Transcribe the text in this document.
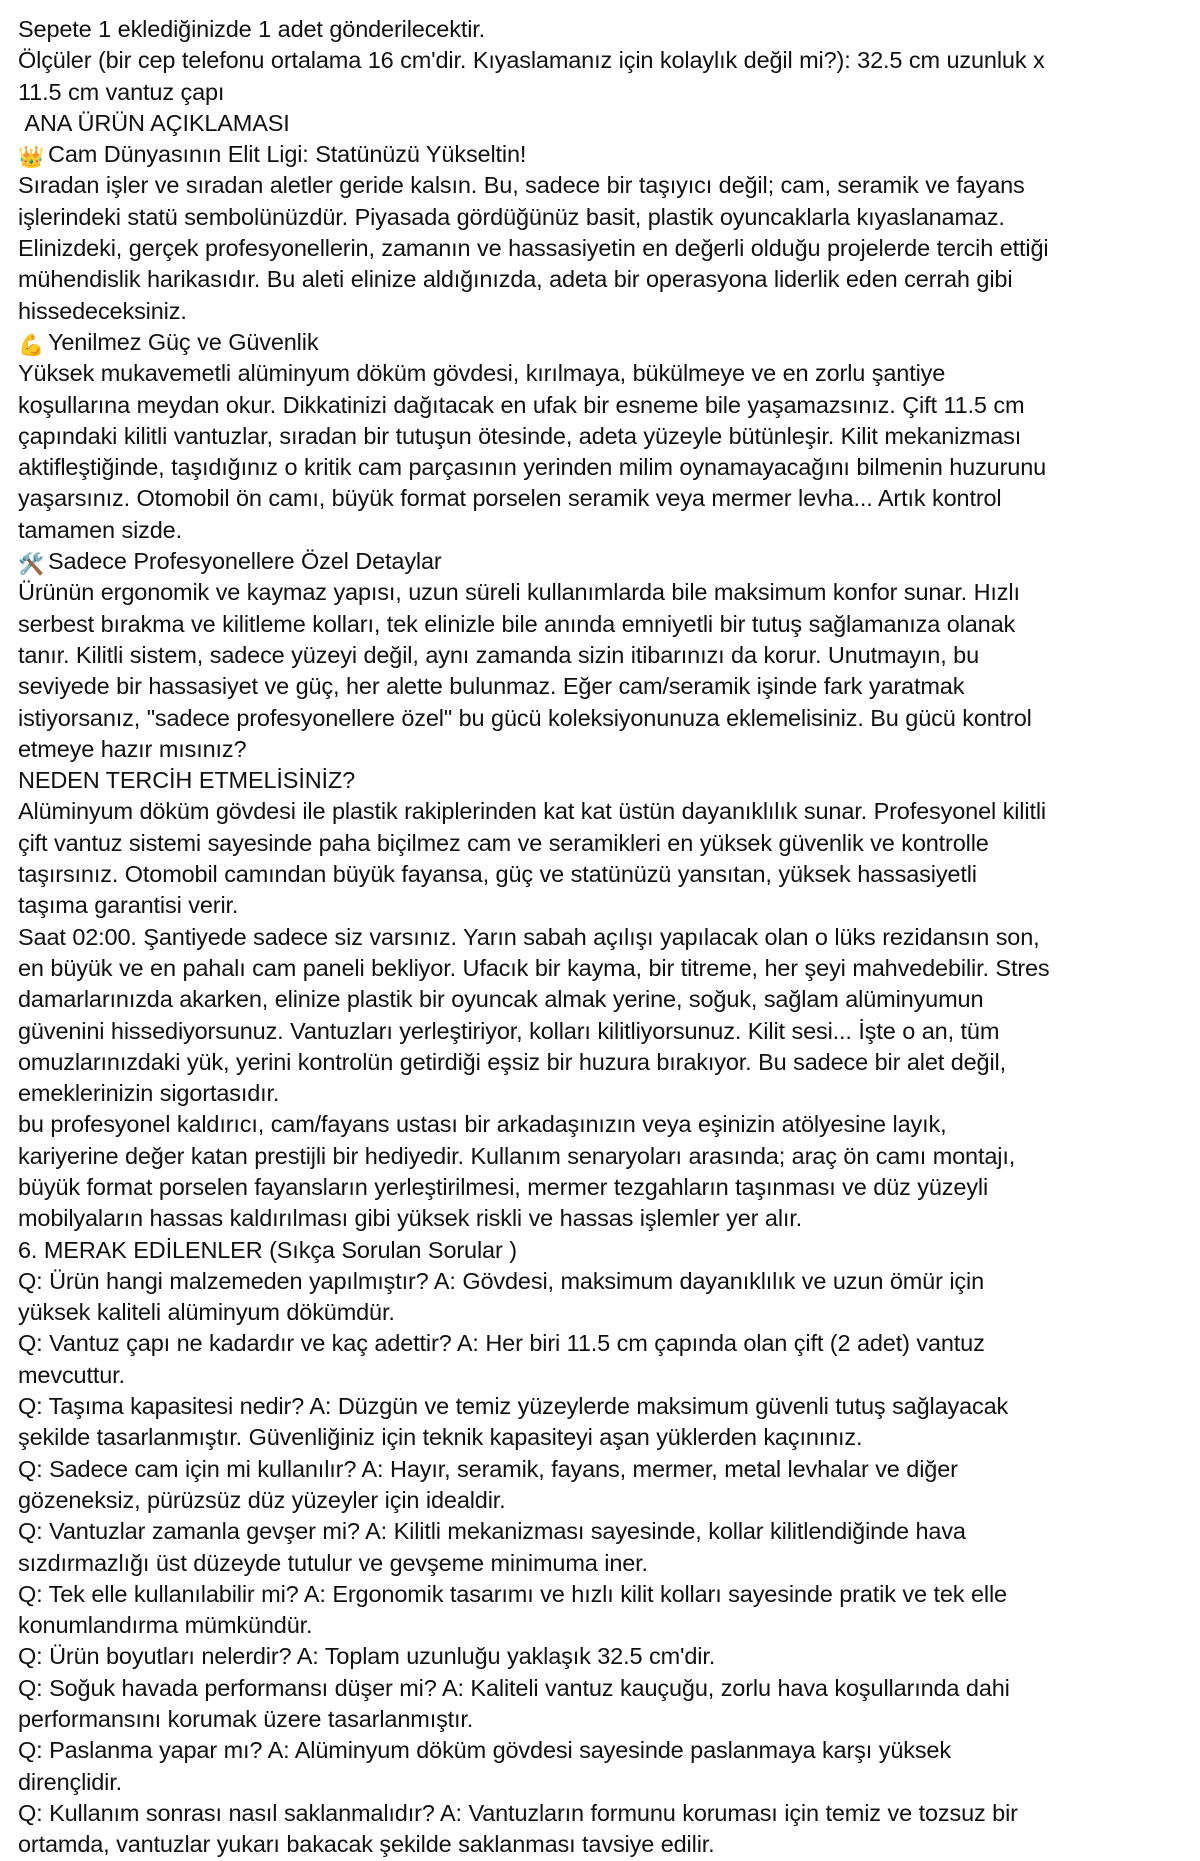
Sepete 1 eklediğinizde 1 adet gönderilecektir.

Ölçüler (bir cep telefonu ortalama 16 cm'dir. Kıyaslamanız için kolaylık değil mi?): 32.5 cm uzunluk x 11.5 cm vantuz çapı

ANA ÜRÜN AÇIKLAMASI

👑 Cam Dünyasının Elit Ligi: Statünüzü Yükseltin!

Sıradan işler ve sıradan aletler geride kalsın. Bu, sadece bir taşıyıcı değil; cam, seramik ve fayans işlerindeki statü sembolünüzdür. Piyasada gördüğünüz basit, plastik oyuncaklarla kıyaslanamaz. Elinizdeki, gerçek profesyonellerin, zamanın ve hassasiyetin en değerli olduğu projelerde tercih ettiği mühendislik harikasıdır. Bu aleti elinize aldığınızda, adeta bir operasyona liderlik eden cerrah gibi hissedeceksiniz.

💪 Yenilmez Güç ve Güvenlik

Yüksek mukavemetli alüminyum döküm gövdesi, kırılmaya, bükülmeye ve en zorlu şantiye koşullarına meydan okur. Dikkatinizi dağıtacak en ufak bir esneme bile yaşamazsınız. Çift 11.5 cm çapındaki kilitli vantuzlar, sıradan bir tutuşun ötesinde, adeta yüzeyle bütünleşir. Kilit mekanizması aktifleştiğinde, taşıdığınız o kritik cam parçasının yerinden milim oynamayacağını bilmenin huzurunu yaşarsınız. Otomobil ön camı, büyük format porselen seramik veya mermer levha... Artık kontrol tamamen sizde.

🛠️ Sadece Profesyonellere Özel Detaylar

Ürünün ergonomik ve kaymaz yapısı, uzun süreli kullanımlarda bile maksimum konfor sunar. Hızlı serbest bırakma ve kilitleme kolları, tek elinizle bile anında emniyetli bir tutuş sağlamanıza olanak tanır. Kilitli sistem, sadece yüzeyi değil, aynı zamanda sizin itibarınızı da korur. Unutmayın, bu seviyede bir hassasiyet ve güç, her alette bulunmaz. Eğer cam/seramik işinde fark yaratmak istiyorsanız, "sadece profesyonellere özel" bu gücü koleksiyonunuza eklemelisiniz. Bu gücü kontrol etmeye hazır mısınız?

NEDEN TERCİH ETMELİSİNİZ?

Alüminyum döküm gövdesi ile plastik rakiplerinden kat kat üstün dayanıklılık sunar. Profesyonel kilitli çift vantuz sistemi sayesinde paha biçilmez cam ve seramikleri en yüksek güvenlik ve kontrolle taşırsınız. Otomobil camından büyük fayansa, güç ve statünüzü yansıtan, yüksek hassasiyetli taşıma garantisi verir.

Saat 02:00. Şantiyede sadece siz varsınız. Yarın sabah açılışı yapılacak olan o lüks rezidansın son, en büyük ve en pahalı cam paneli bekliyor. Ufacık bir kayma, bir titreme, her şeyi mahvedebilir. Stres damarlarınızda akarken, elinize plastik bir oyuncak almak yerine, soğuk, sağlam alüminyumun güvenini hissediyorsunuz. Vantuzları yerleştiriyor, kolları kilitliyorsunuz. Kilit sesi... İşte o an, tüm omuzlarınızdaki yük, yerini kontrolün getirdiği eşsiz bir huzura bırakıyor. Bu sadece bir alet değil, emeklerinizin sigortasıdır.

bu profesyonel kaldırıcı, cam/fayans ustası bir arkadaşınızın veya eşinizin atölyesine layık, kariyerine değer katan prestijli bir hediyedir. Kullanım senaryoları arasında; araç ön camı montajı, büyük format porselen fayansların yerleştirilmesi, mermer tezgahların taşınması ve düz yüzeyli mobilyaların hassas kaldırılması gibi yüksek riskli ve hassas işlemler yer alır.

6. MERAK EDİLENLER (Sıkça Sorulan Sorular )

Q: Ürün hangi malzemeden yapılmıştır? A: Gövdesi, maksimum dayanıklılık ve uzun ömür için yüksek kaliteli alüminyum dökümdür.

Q: Vantuz çapı ne kadardır ve kaç adettir? A: Her biri 11.5 cm çapında olan çift (2 adet) vantuz mevcuttur.

Q: Taşıma kapasitesi nedir? A: Düzgün ve temiz yüzeylerde maksimum güvenli tutuş sağlayacak şekilde tasarlanmıştır. Güvenliğiniz için teknik kapasiteyi aşan yüklerden kaçınınız.

Q: Sadece cam için mi kullanılır? A: Hayır, seramik, fayans, mermer, metal levhalar ve diğer gözeneksiz, pürüzsüz düz yüzeyler için idealdir.

Q: Vantuzlar zamanla gevşer mi? A: Kilitli mekanizması sayesinde, kollar kilitlendiğinde hava sızdırmazlığı üst düzeyde tutulur ve gevşeme minimuma iner.

Q: Tek elle kullanılabilir mi? A: Ergonomik tasarımı ve hızlı kilit kolları sayesinde pratik ve tek elle konumlandırma mümkündür.

Q: Ürün boyutları nelerdir? A: Toplam uzunluğu yaklaşık 32.5 cm'dir.

Q: Soğuk havada performansı düşer mi? A: Kaliteli vantuz kauçuğu, zorlu hava koşullarında dahi performansını korumak üzere tasarlanmıştır.

Q: Paslanma yapar mı? A: Alüminyum döküm gövdesi sayesinde paslanmaya karşı yüksek dirençlidir.

Q: Kullanım sonrası nasıl saklanmalıdır? A: Vantuzların formunu koruması için temiz ve tozsuz bir ortamda, vantuzlar yukarı bakacak şekilde saklanması tavsiye edilir.
